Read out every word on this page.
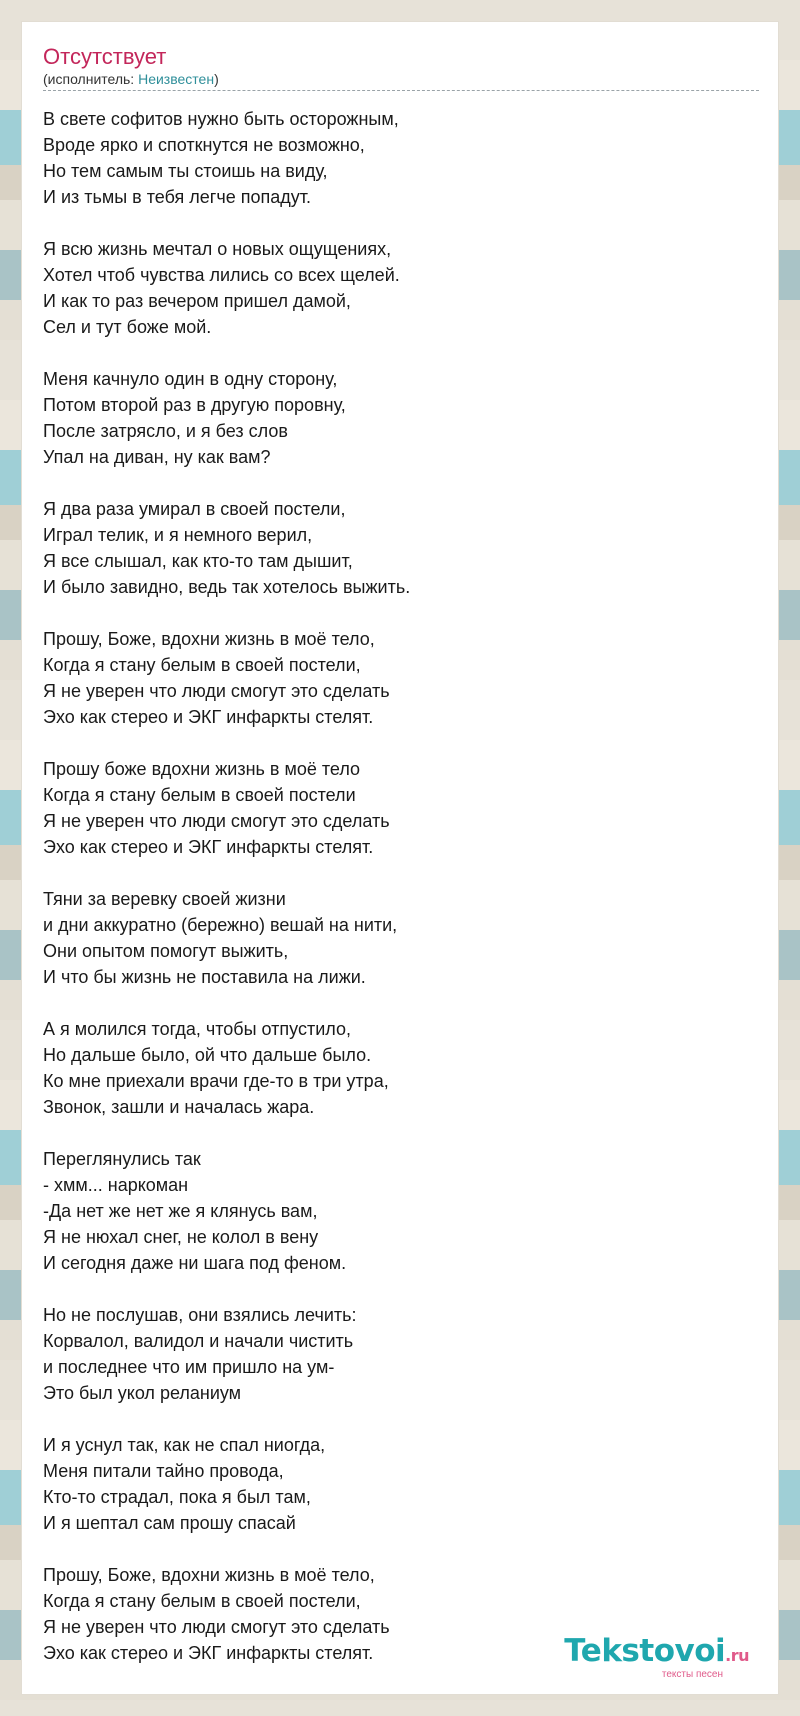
Отсутствует
(исполнитель: Неизвестен)
В свете софитов нужно быть осторожным,
Вроде ярко и споткнутся не возможно,
Но тем самым ты стоишь на виду,
И из тьмы в тебя легче попадут.
Я всю жизнь мечтал о новых ощущениях,
Хотел чтоб чувства лились со всех щелей.
И как то раз вечером пришел дамой,
Сел и тут боже мой.
Меня качнуло один в одну сторону,
Потом второй раз в другую поровну,
После затрясло, и я без слов
Упал на диван, ну как вам?
Я два раза умирал в своей постели,
Играл телик, и я немного верил,
Я все слышал, как кто-то там дышит,
И было завидно, ведь так хотелось выжить.
Прошу, Боже, вдохни жизнь в моё тело,
Когда я стану белым в своей постели,
Я не уверен что люди смогут это сделать
Эхо как стерео и ЭКГ инфаркты стелят.
Прошу боже вдохни жизнь в моё тело
Когда я стану белым в своей постели
Я не уверен что люди смогут это сделать
Эхо как стерео и ЭКГ инфаркты стелят.
Тяни за веревку своей жизни
и дни аккуратно (бережно) вешай на нити,
Они опытом помогут выжить,
И что бы жизнь не поставила на лижи.
А я молился тогда, чтобы отпустило,
Но дальше было, ой что дальше было.
Ко мне приехали врачи где-то в три утра,
Звонок, зашли и началась жара.
Переглянулись так
- хмм... наркоман
-Да нет же нет же я клянусь вам,
Я не нюхал снег, не колол в вену
И сегодня даже ни шага под феном.
Но не послушав, они взялись лечить:
Корвалол, валидол и начали чистить
и последнее что им пришло на ум-
Это был укол реланиум
И я уснул так, как не спал ниогда,
Меня питали тайно провода,
Кто-то страдал, пока я был там,
И я шептал сам прошу спасай
Прошу, Боже, вдохни жизнь в моё тело,
Когда я стану белым в своей постели,
Я не уверен что люди смогут это сделать
Эхо как стерео и ЭКГ инфаркты стелят.	Tekstovoi.ru
тексты песен
